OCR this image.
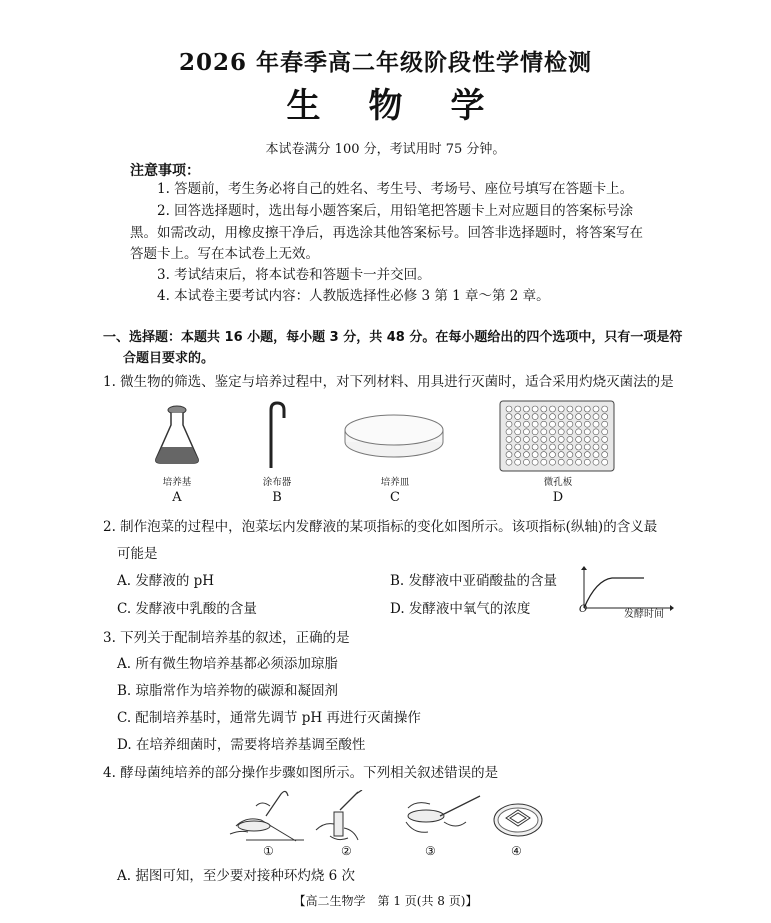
2026 年春季高二年级阶段性学情检测
生物学
本试卷满分 100 分，考试用时 75 分钟。
注意事项：
1. 答题前，考生务必将自己的姓名、考生号、考场号、座位号填写在答题卡上。
2. 回答选择题时，选出每小题答案后，用铅笔把答题卡上对应题目的答案标号涂
黑。如需改动，用橡皮擦干净后，再选涂其他答案标号。回答非选择题时，将答案写在
答题卡上。写在本试卷上无效。
3. 考试结束后，将本试卷和答题卡一并交回。
4. 本试卷主要考试内容：人教版选择性必修 3 第 1 章～第 2 章。
一、选择题：本题共 16 小题，每小题 3 分，共 48 分。在每小题给出的四个选项中，只有一项是符
合题目要求的。
1. 微生物的筛选、鉴定与培养过程中，对下列材料、用具进行灭菌时，适合采用灼烧灭菌法的是
培养基	涂布器	培养皿	微孔板
A	B	C	D
2. 制作泡菜的过程中，泡菜坛内发酵液的某项指标的变化如图所示。该项指标(纵轴)的含义最
可能是
A. 发酵液的 pH	B. 发酵液中亚硝酸盐的含量
C. 发酵液中乳酸的含量	D. 发酵液中氧气的浓度	O	发酵时间
3. 下列关于配制培养基的叙述，正确的是
A. 所有微生物培养基都必须添加琼脂
B. 琼脂常作为培养物的碳源和凝固剂
C. 配制培养基时，通常先调节 pH 再进行灭菌操作
D. 在培养细菌时，需要将培养基调至酸性
4. 酵母菌纯培养的部分操作步骤如图所示。下列相关叙述错误的是
①	②	③	④
A. 据图可知，至少要对接种环灼烧 6 次
【高二生物学　第 1 页(共 8 页)】
